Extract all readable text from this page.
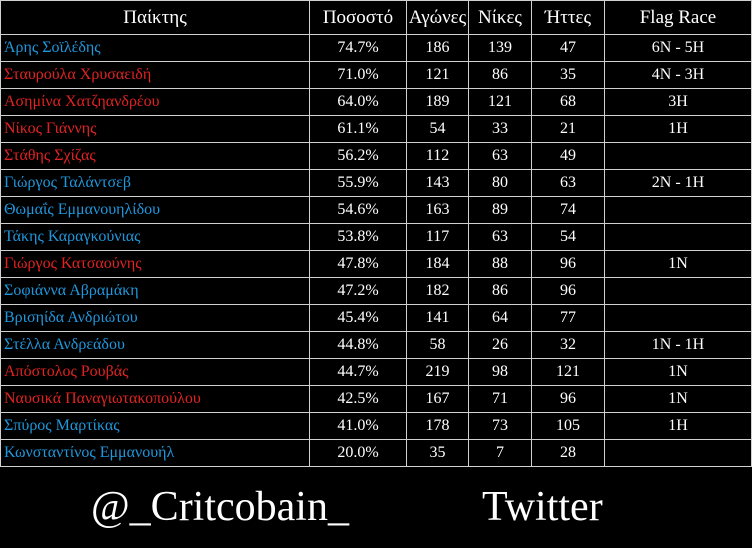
Παίκτης	Ποσοστό	Αγώνες	Νίκες	Ήττες	Flag Race
Άρης Σοϊλέδης	74.7%	186	139	47	6N - 5H
Σταυρούλα Χρυσαειδή	71.0%	121	86	35	4N - 3H
Ασημίνα Χατζηανδρέου	64.0%	189	121	68	3H
Νίκος Γιάννης	61.1%	54	33	21	1H
Στάθης Σχίζας	56.2%	112	63	49	
Γιώργος Ταλάντσεβ	55.9%	143	80	63	2N - 1H
Θωμαΐς Εμμανουηλίδου	54.6%	163	89	74	
Τάκης Καραγκούνιας	53.8%	117	63	54	
Γιώργος Κατσαούνης	47.8%	184	88	96	1N
Σοφιάννα Αβραμάκη	47.2%	182	86	96	
Βρισηίδα Ανδριώτου	45.4%	141	64	77	
Στέλλα Ανδρεάδου	44.8%	58	26	32	1N - 1H
Απόστολος Ρουβάς	44.7%	219	98	121	1N
Ναυσικά Παναγιωτακοπούλου	42.5%	167	71	96	1N
Σπύρος Μαρτίκας	41.0%	178	73	105	1H
Κωνσταντίνος Εμμανουήλ	20.0%	35	7	28	
@_Critcobain_	Twitter
